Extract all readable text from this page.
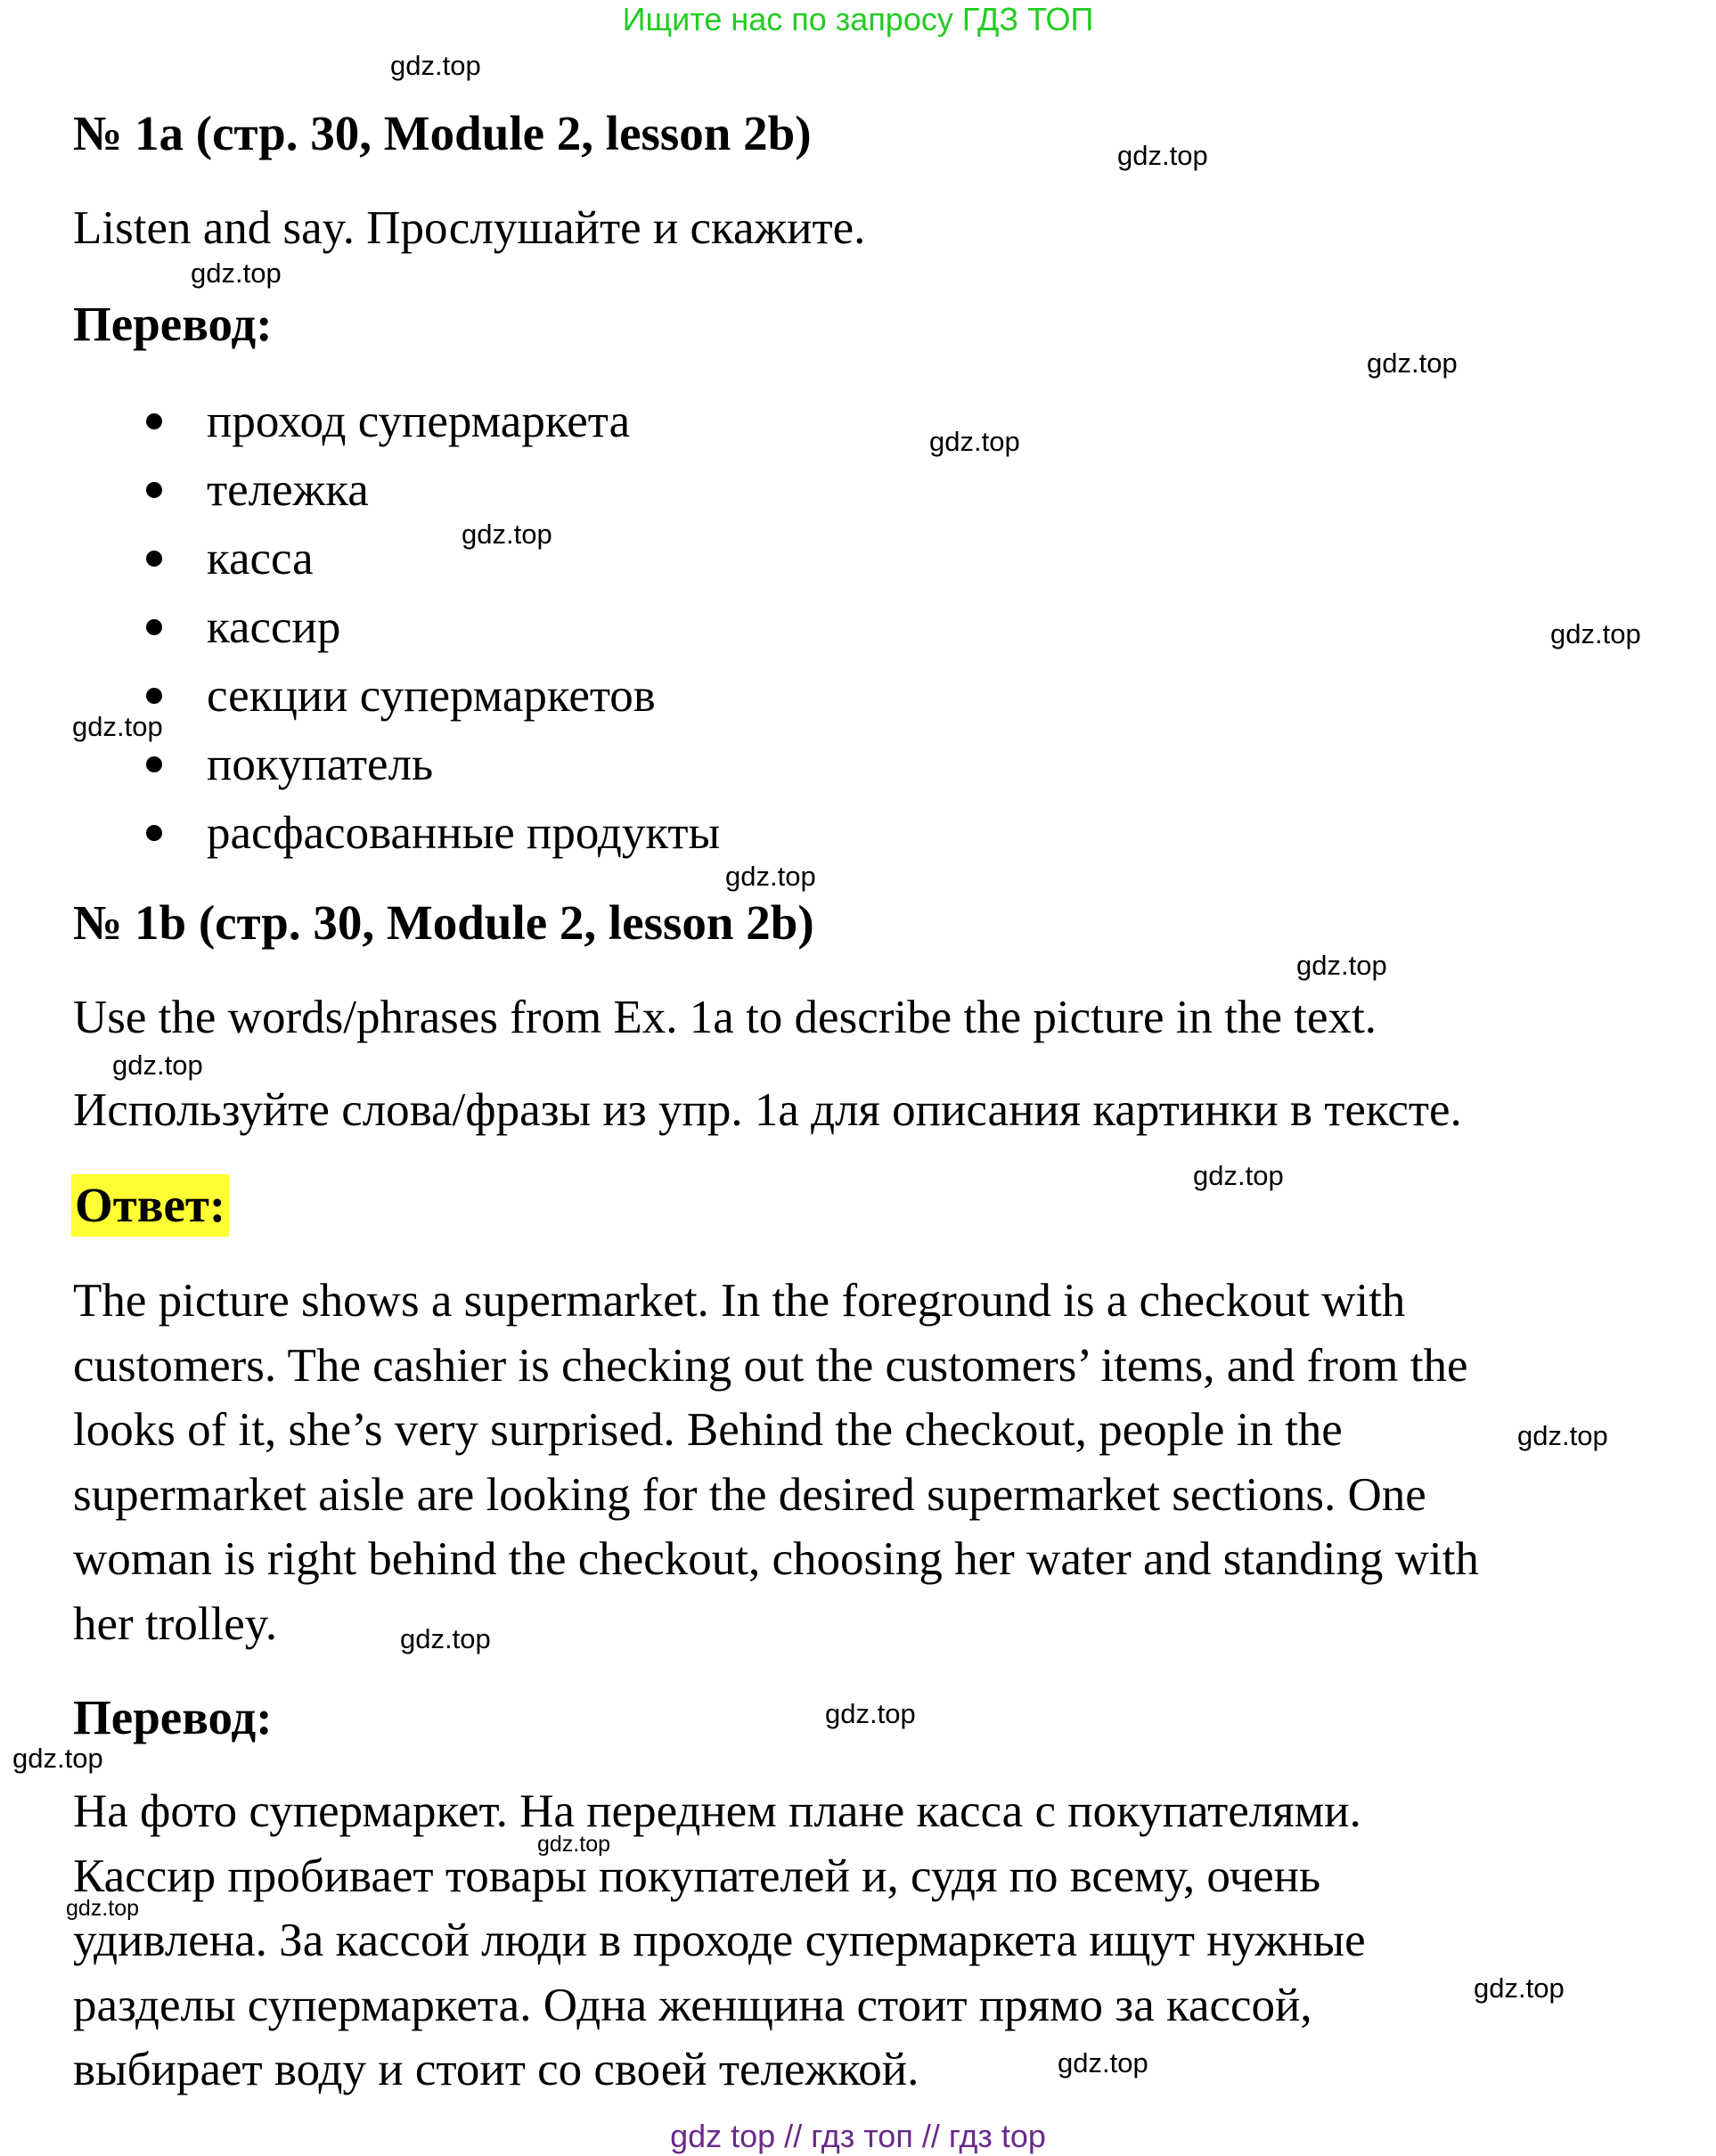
Ищите нас по запросу ГДЗ ТОП
№ 1a (стр. 30, Module 2, lesson 2b)
Listen and say. Прослушайте и скажите.
Перевод:
проход супермаркета
тележка
касса
кассир
секции супермаркетов
покупатель
расфасованные продукты
№ 1b (стр. 30, Module 2, lesson 2b)
Use the words/phrases from Ex. 1a to describe the picture in the text.
Используйте слова/фразы из упр. 1a для описания картинки в тексте.
Ответ:
The picture shows a supermarket. In the foreground is a checkout with
customers. The cashier is checking out the customers’ items, and from the
looks of it, she’s very surprised. Behind the checkout, people in the
supermarket aisle are looking for the desired supermarket sections. One
woman is right behind the checkout, choosing her water and standing with
her trolley.
Перевод:
На фото супермаркет. На переднем плане касса с покупателями.
Кассир пробивает товары покупателей и, судя по всему, очень
удивлена. За кассой люди в проходе супермаркета ищут нужные
разделы супермаркета. Одна женщина стоит прямо за кассой,
выбирает воду и стоит со своей тележкой.
gdz.top
gdz.top
gdz.top
gdz.top
gdz.top
gdz.top
gdz.top
gdz.top
gdz.top
gdz.top
gdz.top
gdz.top
gdz.top
gdz.top
gdz.top
gdz.top
gdz.top
gdz.top
gdz.top
gdz.top
gdz top // гдз топ // гдз top
